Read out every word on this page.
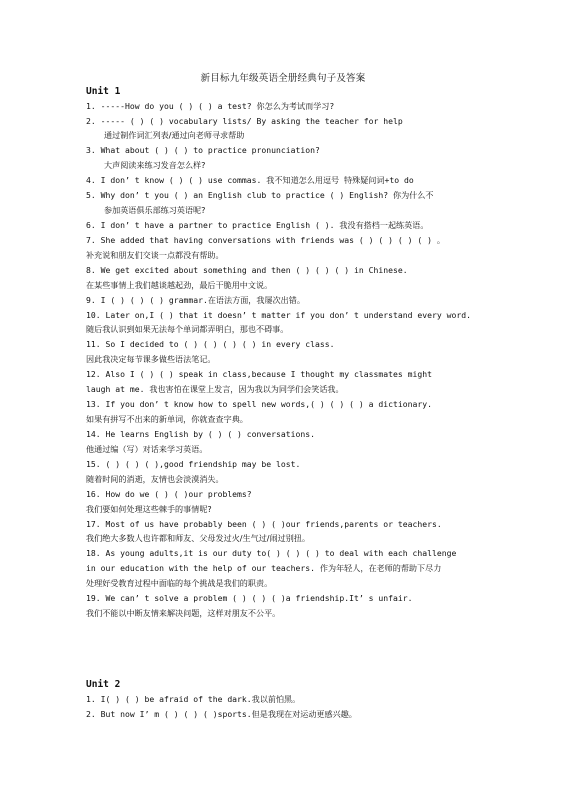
新目标九年级英语全册经典句子及答案
Unit 1
1. -----How do you ( ) ( ) a test? 你怎么为考试而学习?
2. ----- ( ) ( ) vocabulary lists/ By asking the teacher for help
通过制作词汇列表/通过向老师寻求帮助
3. What about ( ) ( ) to practice pronunciation?
大声阅读来练习发音怎么样?
4. I don’ t know ( ) ( ) use commas. 我不知道怎么用逗号 特殊疑问词+to do
5. Why don’ t you ( ) an English club to practice ( ) English? 你为什么不
参加英语俱乐部练习英语呢?
6. I don’ t have a partner to practice English ( ). 我没有搭档一起练英语。
7. She added that having conversations with friends was ( ) ( ) ( ) ( ) 。
补充说和朋友们交谈一点都没有帮助。
8. We get excited about something and then ( ) ( ) ( ) in Chinese.
在某些事情上我们越谈越起劲，最后干脆用中文说。
9. I ( ) ( ) ( ) grammar.在语法方面，我屡次出错。
10. Later on,I ( ) that it doesn’ t matter if you don’ t understand every word.
随后我认识到如果无法每个单词都弄明白，那也不碍事。
11. So I decided to ( ) ( ) ( ) ( ) in every class.
因此我决定每节课多做些语法笔记。
12. Also I ( ) ( ) speak in class,because I thought my classmates might
laugh at me. 我也害怕在课堂上发言，因为我以为同学们会笑话我。
13. If you don’ t know how to spell new words,( ) ( ) ( ) a dictionary.
如果有拼写不出来的新单词，你就查查字典。
14. He learns English by ( ) ( ) conversations.
他通过编（写）对话来学习英语。
15. ( ) ( ) ( ),good friendship may be lost.
随着时间的消逝，友情也会淡漠消失。
16. How do we ( ) ( )our problems?
我们要如何处理这些棘手的事情呢?
17. Most of us have probably been ( ) ( )our friends,parents or teachers.
我们绝大多数人也许都和师友、父母发过火/生气过/闹过别扭。
18. As young adults,it is our duty to( ) ( ) ( ) to deal with each challenge
in our education with the help of our teachers. 作为年轻人，在老师的帮助下尽力
处理好受教育过程中面临的每个挑战是我们的职责。
19. We can’ t solve a problem ( ) ( ) ( )a friendship.It’ s unfair.
我们不能以中断友情来解决问题，这样对朋友不公平。
Unit 2
1. I( ) ( ) be afraid of the dark.我以前怕黑。
2. But now I’ m ( ) ( ) ( )sports.但是我现在对运动更感兴趣。
